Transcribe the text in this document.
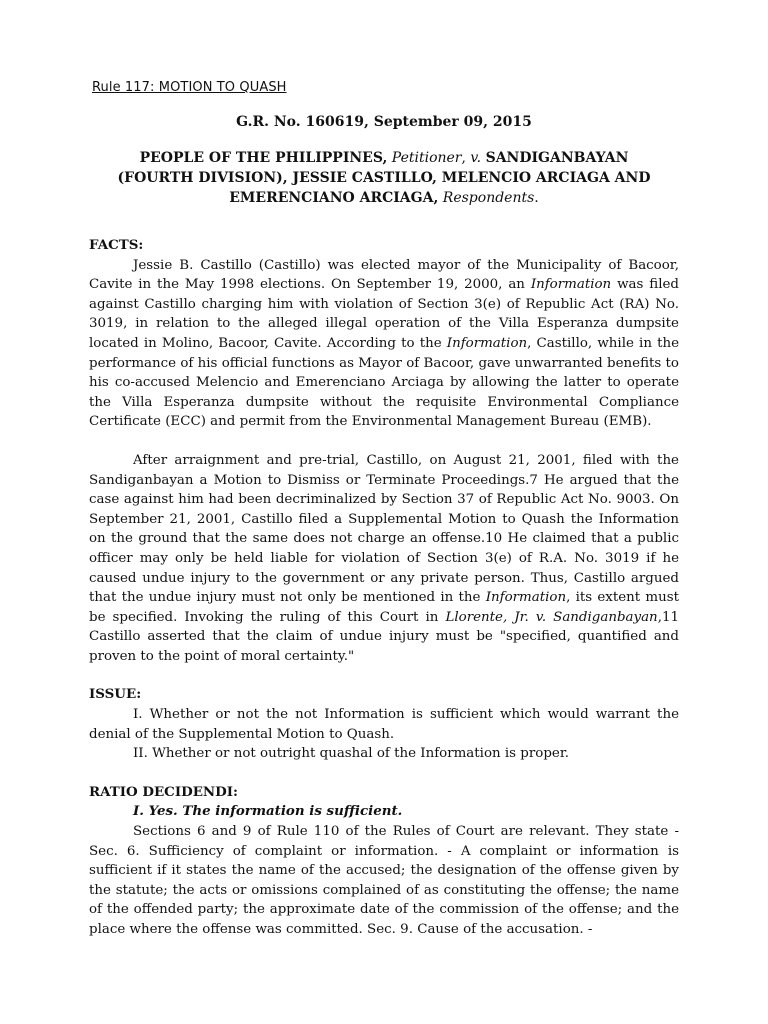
Rule 117: MOTION TO QUASH
G.R. No. 160619, September 09, 2015
PEOPLE OF THE PHILIPPINES, Petitioner, v. SANDIGANBAYAN (FOURTH DIVISION), JESSIE CASTILLO, MELENCIO ARCIAGA AND EMERENCIANO ARCIAGA, Respondents.
FACTS:

Jessie B. Castillo (Castillo) was elected mayor of the Municipality of Bacoor, Cavite in the May 1998 elections. On September 19, 2000, an Information was filed against Castillo charging him with violation of Section 3(e) of Republic Act (RA) No. 3019, in relation to the alleged illegal operation of the Villa Esperanza dumpsite located in Molino, Bacoor, Cavite. According to the Information, Castillo, while in the performance of his official functions as Mayor of Bacoor, gave unwarranted benefits to his co-accused Melencio and Emerenciano Arciaga by allowing the latter to operate the Villa Esperanza dumpsite without the requisite Environmental Compliance Certificate (ECC) and permit from the Environmental Management Bureau (EMB).

After arraignment and pre-trial, Castillo, on August 21, 2001, filed with the Sandiganbayan a Motion to Dismiss or Terminate Proceedings.7 He argued that the case against him had been decriminalized by Section 37 of Republic Act No. 9003. On September 21, 2001, Castillo filed a Supplemental Motion to Quash the Information on the ground that the same does not charge an offense.10 He claimed that a public officer may only be held liable for violation of Section 3(e) of R.A. No. 3019 if he caused undue injury to the government or any private person. Thus, Castillo argued that the undue injury must not only be mentioned in the Information, its extent must be specified. Invoking the ruling of this Court in Llorente, Jr. v. Sandiganbayan,11 Castillo asserted that the claim of undue injury must be "specified, quantified and proven to the point of moral certainty."

ISSUE:

I. Whether or not the not Information is sufficient which would warrant the denial of the Supplemental Motion to Quash.

II. Whether or not outright quashal of the Information is proper.

RATIO DECIDENDI:
I. Yes. The information is sufficient.

Sections 6 and 9 of Rule 110 of the Rules of Court are relevant. They state - Sec. 6. Sufficiency of complaint or information. - A complaint or information is sufficient if it states the name of the accused; the designation of the offense given by the statute; the acts or omissions complained of as constituting the offense; the name of the offended party; the approximate date of the commission of the offense; and the place where the offense was committed. Sec. 9. Cause of the accusation. -
